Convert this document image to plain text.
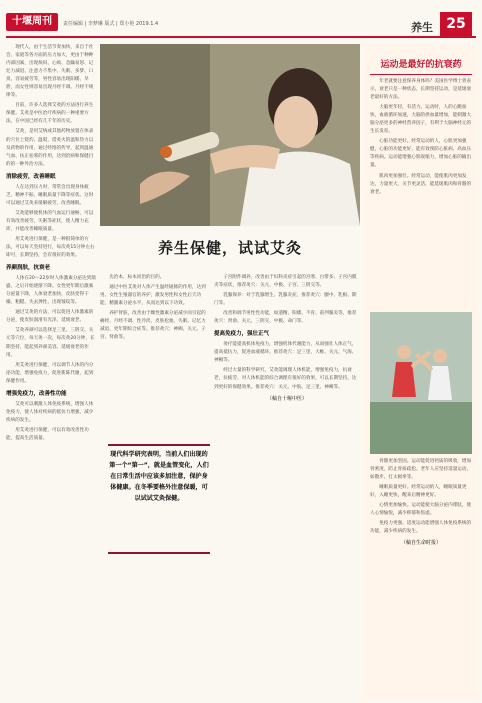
十堰周刊	责任编辑 | 李梦琳 版式 | 郑小艳 2019.1.4	养生 25

现代人，由于生活节奏加快，来自于社会、家庭等各方面的压力加大，更由于种种内部因素，出现烦闷、心烦、急躁易怒、记忆力减退、注意力不集中、失眠、多梦、口臭、容易疲劳等，男性容易出现阳痿、早泄，而女性则容易出现月经不调、月经不规律等。

目前，许多人选择艾灸的方法进行养生保健。艾灸是中医治疗疾病的一种重要方法，在中国已经有几千年的历史。

艾灸，是用艾绒或其他药物放置在体表的穴位上烧灼、温熨，借灸火的温和热力以及药物的作用，通过经络的传导，起到温通气血、扶正祛邪的作用，达到治病和保健目的的一种外治方法。

消除疲劳，改善睡眠

人在达到压力时，常常会出现身体疲乏、精神不振、睡眠质量下降等症状。这时可以通过艾灸来缓解疲劳，改善睡眠。

艾灸能够使机体的气血运行通畅，可以有效改善疲劳、失眠等症状，使人精力充沛，并能改善睡眠质量。

用艾灸进行保健，是一种很简单的方法，可以每天坚持进行，每次灸15分钟左右即可，长期坚持，会有很好的效果。

养颜润肤，抗衰老

人体在20～22岁时人体激素分泌达到鼎盛，之后开始逐渐下降。女性更年期后激素分泌量下降，人体衰老加快，皮肤变得干燥、粗糙、失去弹性、出现皱纹等。

通过艾灸的方法，可以促进人体激素的分泌，使皮肤润滑有光泽，延缓衰老。

艾灸养颜可以选择足三里、三阴交、关元等穴位，每天灸一次，每次灸20分钟，长期坚持，能起到养颜美容、延缓衰老的作用。

用艾灸进行保健，可以调节人体的内分泌功能，增强免疫力，促进新陈代谢，起到保健作用。

增强免疫力，改善性功能

艾灸可以刺激人体免疫系统，增强人体免疫力，使人体对疾病的抵抗力增强，减少疾病的发生。

用艾灸进行保健，可以有效改善性功能，提高生活质量。

养生保健，试试艾灸

先治本，标本同治的目的。

通过中医艾灸对人体产生温经通脉的作用，达到男、女性生殖器官的养护，激发男性和女性后天功能，精激素分泌水平，从而达到以下功效。

养护肾脏，改善由于雌性激素分泌减少而引起的痛经、月经不调、性冷淡、皮肤松弛、失眠、记忆力减退、更年期综合症等。推荐灸穴：神阙、关元、子宫、肾俞等。

现代科学研究表明，当前人们出现的第一个“第一”，就是血管变化，人们在日常生活中应该多加注意，保护身体健康。在冬季要格外注意保暖，可以试试艾灸保健。

子宫附件调养，改善由于妇科炎症引起的宫寒、白带多、子宫内膜炎等症状，推荐灸穴：关元、中极、子宫、三阴交等。

乳腺保养：对于乳腺增生、乳腺炎症，推荐灸穴：膻中、乳根、期门等。

改善和调节男性性功能，如遗精、阳痿、不育、前列腺炎等，推荐灸穴：肾俞、关元、三阴交、中极、命门等。

提高免疫力，强壮正气

灸疗能提高机体免疫力，增强机体代谢能力，从而强壮人体正气，提高抵抗力，促进血液循环。推荐灸穴：足三里、大椎、关元、气海、神阙等。

经过大量的科学研究，艾灸能调理人体机能，增强免疫力，抗衰老，抗疲劳、对人体机能的综合调理有很好的效果，可以长期坚持，达到更好的保健效果。推荐灸穴：关元、中脘、足三里、神阙等。

（稿自十堰中医）

运动是最好的抗衰药

年老就要注意保养身体吗？美国医学博士曾表示，衰老只是一种状态，长期坚持运动，是延缓衰老最好的方法。

大脑更年轻，有活力。运动时，人的心跳加快，血液循环加速，大脑的供血量增加，能刺激大脑分泌更多的神经营养因子，有利于大脑神经元的生长发育。

心脏功能更好。经常运动的人，心肌更加强健，心脏的功能更好，能有效预防心脏病、高血压等疾病。运动能增强心肌收缩力，增加心脏的输出量。

肌肉更加强壮。经常运动，能使肌肉更加发达，力量更大，关节更灵活，能延缓肌肉和骨骼的衰老。

骨骼更加坚固。运动能促进钙质的吸收，增加骨密度，防止骨质疏松。老年人应坚持适量运动，如散步、打太极拳等。

睡眠质量更好。经常运动的人，睡眠质量更好，入睡更快，醒来后精神更好。

心情更加愉快。运动能使大脑分泌内啡肽，使人心情愉悦，减少抑郁和焦虑。

免疫力更强。适度运动能增强人体免疫系统的功能，减少疾病的发生。

（稿自生命时报）
